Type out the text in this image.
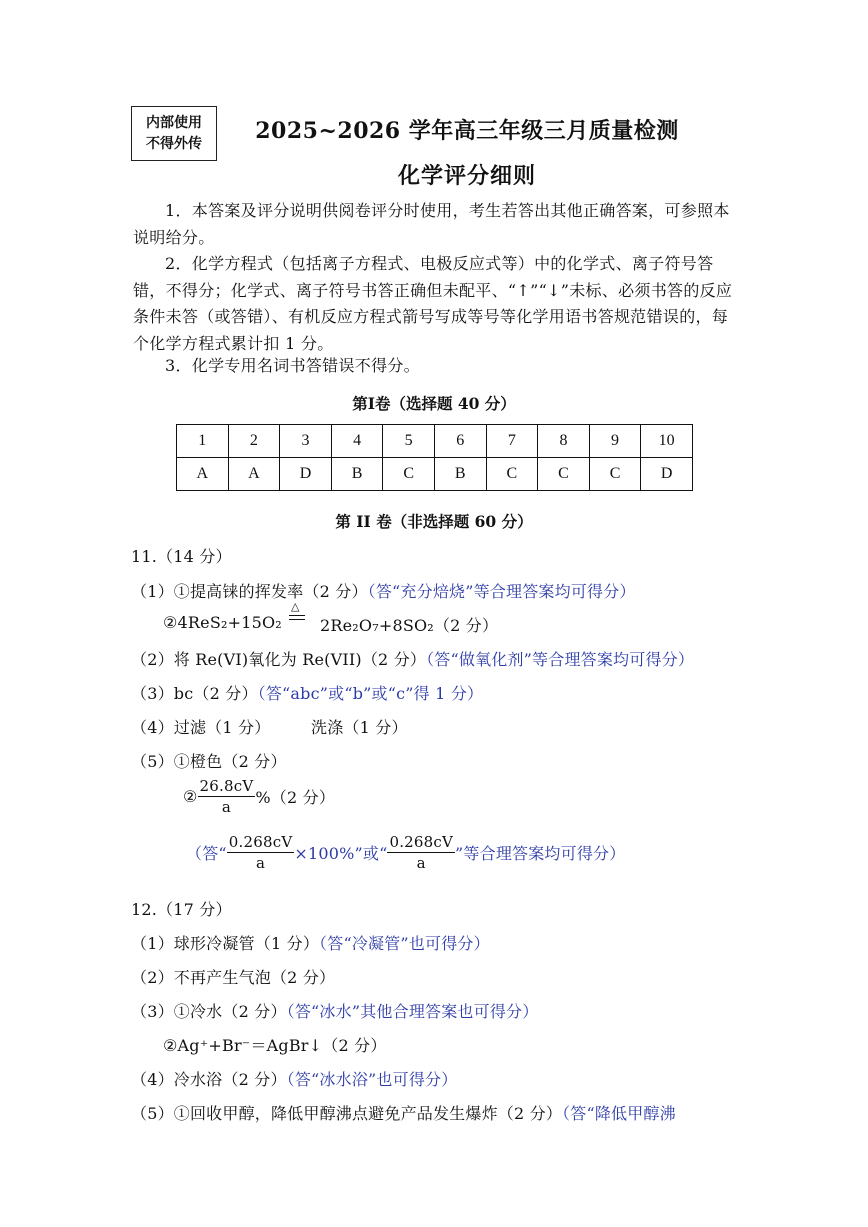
内部使用
不得外传	2025~2026 学年高三年级三月质量检测
化学评分细则
1．本答案及评分说明供阅卷评分时使用，考生若答出其他正确答案，可参照本说明给分。
2．化学方程式（包括离子方程式、电极反应式等）中的化学式、离子符号答错，不得分；化学式、离子符号书答正确但未配平、“↑”“↓”未标、必须书答的反应条件未答（或答错）、有机反应方程式箭号写成等号等化学用语书答规范错误的，每个化学方程式累计扣 1 分。
3．化学专用名词书答错误不得分。
第Ⅰ卷（选择题 40 分）
1	2	3	4	5	6	7	8	9	10
A	A	D	B	C	B	C	C	C	D
第 II 卷（非选择题 60 分）
11.（14 分）
（1）①提高铼的挥发率（2 分）（答“充分焙烧”等合理答案均可得分）
②4ReS₂+15O₂
△
2Re₂O₇+8SO₂（2 分）
（2）将 Re(VI)氧化为 Re(VII)（2 分）（答“做氧化剂”等合理答案均可得分）
（3）bc（2 分）（答“abc”或“b”或“c”得 1 分）
（4）过滤（1 分）	洗涤（1 分）
（5）①橙色（2 分）
② $\frac{26.8cV}{a} \%(2$ 分）
（答“ $\frac{0.268cV}{a} \times 100\%$”或“ $\frac{0.268cV}{a}$ ”等合理答案均可得分）
12.（17 分）
（1）球形冷凝管（1 分）（答“冷凝管”也可得分）
（2）不再产生气泡（2 分）
（3）①冷水（2 分）（答“冰水”其他合理答案也可得分）
②Ag⁺+Br⁻＝AgBr↓（2 分）
（4）冷水浴（2 分）（答“冰水浴”也可得分）
（5）①回收甲醇，降低甲醇沸点避免产品发生爆炸（2 分）（答“降低甲醇沸
